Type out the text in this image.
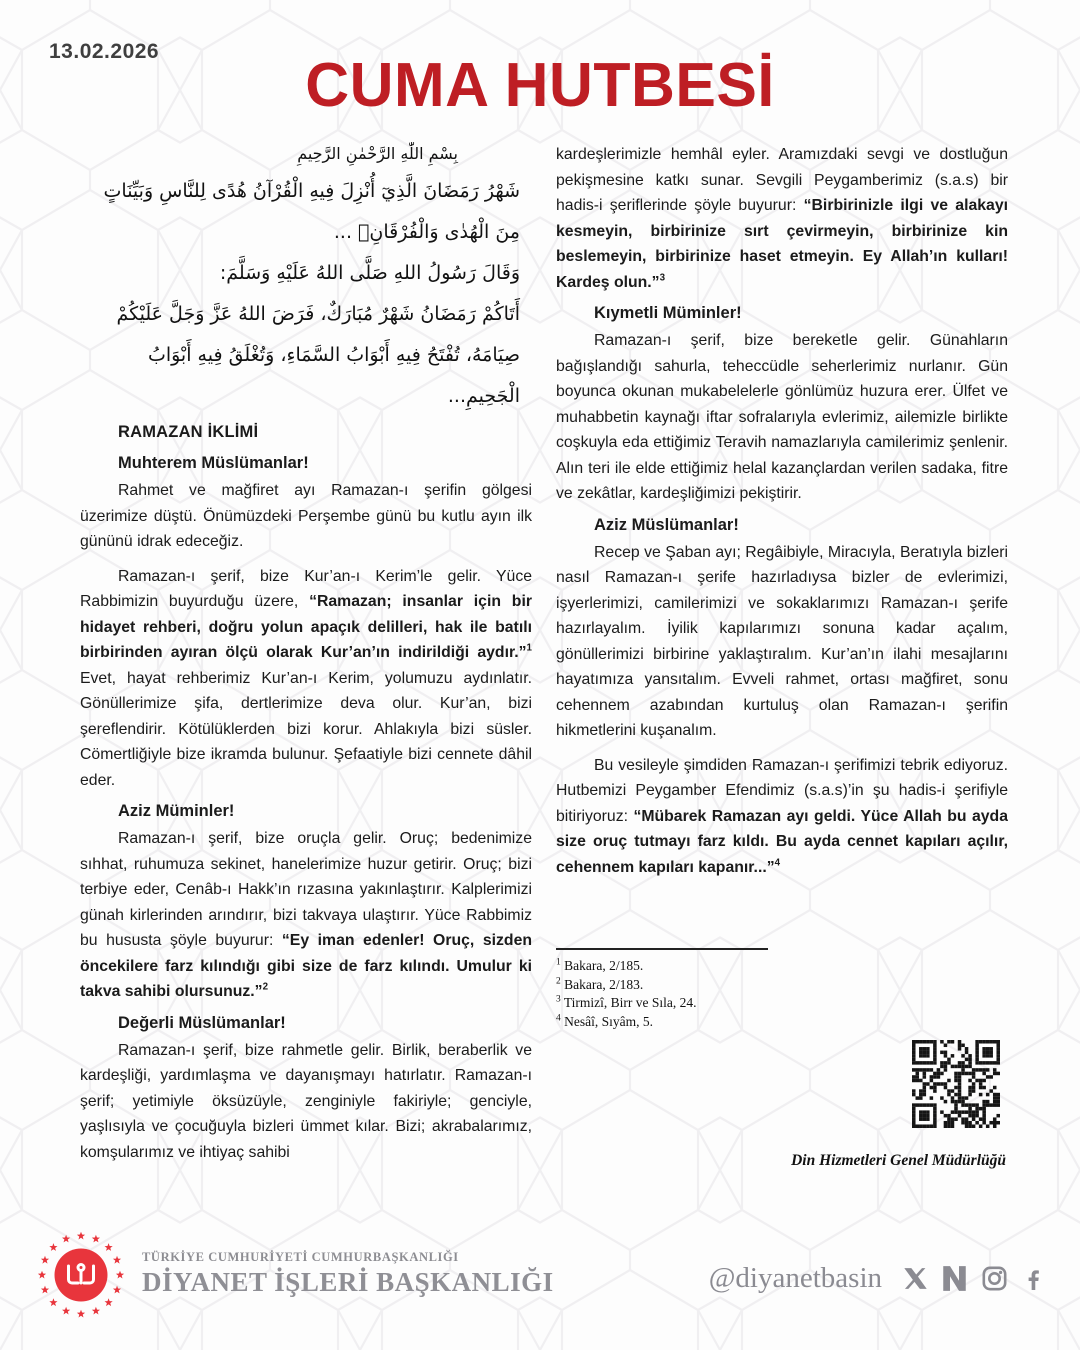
13.02.2026	CUMA HUTBESİ
بِسْمِ اللّٰهِ الرَّحْمٰنِ الرَّحِيمِ
شَهْرُ رَمَضَانَ الَّذِيٓ أُنْزِلَ فِيهِ الْقُرْآنُ هُدًى لِلنَّاسِ وَبَيِّنَاتٍ
مِنَ الْهُدٰى وَالْفُرْقَانِۚ ...
وَقَالَ رَسُولُ اللهِ صَلَّى اللهُ عَلَيْهِ وَسَلَّمَ:
أَتَاكُمْ رَمَضَانُ شَهْرٌ مُبَارَكٌ، فَرَضَ اللهُ عَزَّ وَجَلَّ عَلَيْكُمْ
صِيَامَهُ، تُفْتَحُ فِيهِ أَبْوَابُ السَّمَاءِ، وَتُغْلَقُ فِيهِ أَبْوَابُ
الْجَحِيمِ...
RAMAZAN İKLİMİ
Muhterem Müslümanlar!

Rahmet ve mağfiret ayı Ramazan-ı şerifin gölgesi üzerimize düştü. Önümüzdeki Perşembe günü bu kutlu ayın ilk gününü idrak edeceğiz.

Ramazan-ı şerif, bize Kur’an-ı Kerim’le gelir. Yüce Rabbimizin buyurduğu üzere, “Ramazan; insanlar için bir hidayet rehberi, doğru yolun apaçık delilleri, hak ile batılı birbirinden ayıran ölçü olarak Kur’an’ın indirildiği aydır.”$^1$ Evet, hayat rehberimiz Kur’an-ı Kerim, yolumuzu aydınlatır. Gönüllerimize şifa, dertlerimize deva olur. Kur’an, bizi şereflendirir. Kötülüklerden bizi korur. Ahlakıyla bizi süsler. Cömertliğiyle bize ikramda bulunur. Şefaatiyle bizi cennete dâhil eder.

Aziz Müminler!

Ramazan-ı şerif, bize oruçla gelir. Oruç; bedenimize sıhhat, ruhumuza sekinet, hanelerimize huzur getirir. Oruç; bizi terbiye eder, Cenâb-ı Hakk’ın rızasına yakınlaştırır. Kalplerimizi günah kirlerinden arındırır, bizi takvaya ulaştırır. Yüce Rabbimiz bu hususta şöyle buyurur: “Ey iman edenler! Oruç, sizden öncekilere farz kılındığı gibi size de farz kılındı. Umulur ki takva sahibi olursunuz.”$^2$

Değerli Müslümanlar!

Ramazan-ı şerif, bize rahmetle gelir. Birlik, beraberlik ve kardeşliği, yardımlaşma ve dayanışmayı hatırlatır. Ramazan-ı şerif; yetimiyle öksüzüyle, zenginiyle fakiriyle; genciyle, yaşlısıyla ve çocuğuyla bizleri ümmet kılar. Bizi; akrabalarımız, komşularımız ve ihtiyaç sahibi

kardeşlerimizle hemhâl eyler. Aramızdaki sevgi ve dostluğun pekişmesine katkı sunar. Sevgili Peygamberimiz (s.a.s) bir hadis-i şeriflerinde şöyle buyurur: “Birbirinizle ilgi ve alakayı kesmeyin, birbirinize sırt çevirmeyin, birbirinize kin beslemeyin, birbirinize haset etmeyin. Ey Allah’ın kulları! Kardeş olun.”$^3$

Kıymetli Müminler!

Ramazan-ı şerif, bize bereketle gelir. Günahların bağışlandığı sahurla, teheccüdle seherlerimiz nurlanır. Gün boyunca okunan mukabelelerle gönlümüz huzura erer. Ülfet ve muhabbetin kaynağı iftar sofralarıyla evlerimiz, ailemizle birlikte coşkuyla eda ettiğimiz Teravih namazlarıyla camilerimiz şenlenir. Alın teri ile elde ettiğimiz helal kazançlardan verilen sadaka, fitre ve zekâtlar, kardeşliğimizi pekiştirir.

Aziz Müslümanlar!

Recep ve Şaban ayı; Regâibiyle, Miracıyla, Beratıyla bizleri nasıl Ramazan-ı şerife hazırladıysa bizler de evlerimizi, işyerlerimizi, camilerimizi ve sokaklarımızı Ramazan-ı şerife hazırlayalım. İyilik kapılarımızı sonuna kadar açalım, gönüllerimizi birbirine yaklaştıralım. Kur’an’ın ilahi mesajlarını hayatımıza yansıtalım. Evveli rahmet, ortası mağfiret, sonu cehennem azabından kurtuluş olan Ramazan-ı şerifin hikmetlerini kuşanalım.

Bu vesileyle şimdiden Ramazan-ı şerifimizi tebrik ediyoruz. Hutbemizi Peygamber Efendimiz (s.a.s)’in şu hadis-i şerifiyle bitiriyoruz: “Mübarek Ramazan ayı geldi. Yüce Allah bu ayda size oruç tutmayı farz kıldı. Bu ayda cennet kapıları açılır, cehennem kapıları kapanır...”$^4$

$^1$ Bakara, 2/185.
$^2$ Bakara, 2/183.
$^3$ Tirmizî, Birr ve Sıla, 24.
$^4$ Nesâî, Sıyâm, 5.
Din Hizmetleri Genel Müdürlüğü
TÜRKİYE CUMHURİYETİ CUMHURBAŞKANLIĞI
DİYANET İŞLERİ BAŞKANLIĞI	@diyanetbasin
